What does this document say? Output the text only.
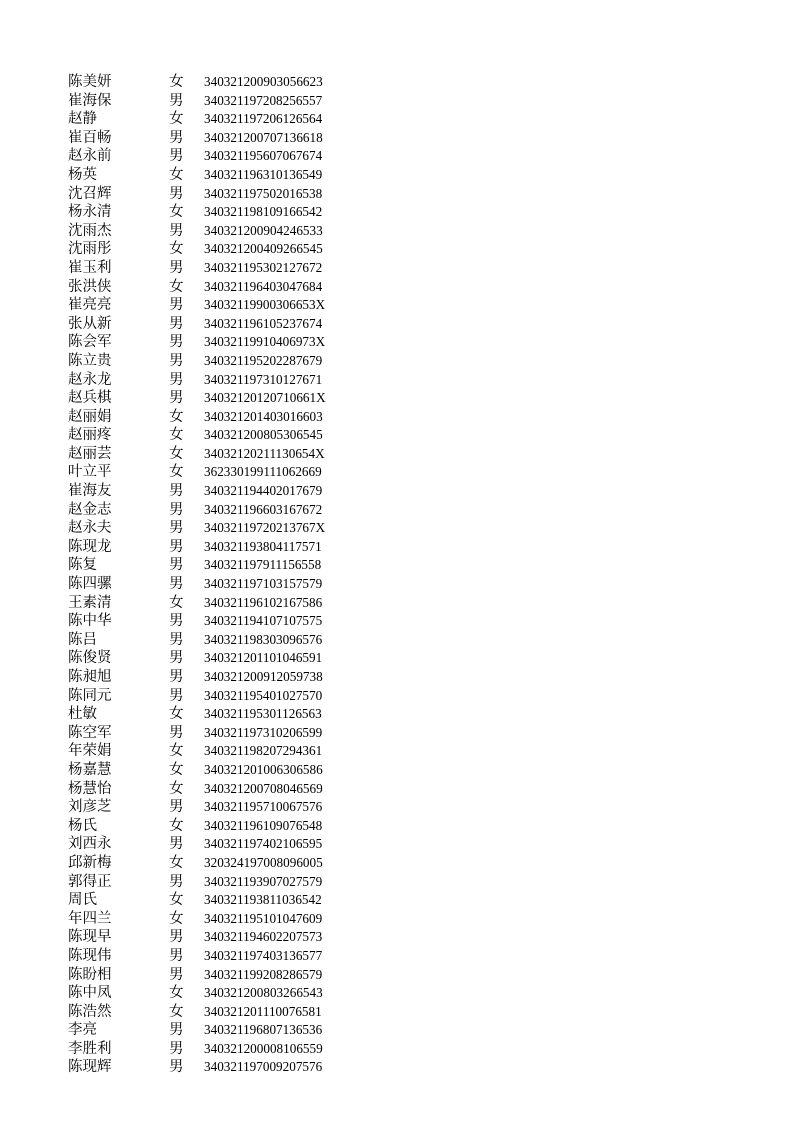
陈美妍	女 340321200903056623
崔海保	男 340321197208256557
赵静	女 340321197206126564
崔百畅	男 340321200707136618
赵永前	男 340321195607067674
杨英	女 340321196310136549
沈召辉	男 340321197502016538
杨永清	女 340321198109166542
沈雨杰	男 340321200904246533
沈雨彤	女 340321200409266545
崔玉利	男 340321195302127672
张洪侠	女 340321196403047684
崔亮亮	男 34032119900306653X
张从新	男 340321196105237674
陈会军	男 34032119910406973X
陈立贵	男 340321195202287679
赵永龙	男 340321197310127671
赵兵棋	男 34032120120710661X
赵丽娟	女 340321201403016603
赵丽疼	女 340321200805306545
赵丽芸	女 34032120211130654X
叶立平	女 362330199111062669
崔海友	男 340321194402017679
赵金志	男 340321196603167672
赵永夫	男 34032119720213767X
陈现龙	男 340321193804117571
陈复	男 340321197911156558
陈四骡	男 340321197103157579
王素清	女 340321196102167586
陈中华	男 340321194107107575
陈吕	男 340321198303096576
陈俊贤	男 340321201101046591
陈昶旭	男 340321200912059738
陈同元	男 340321195401027570
杜敏	女 340321195301126563
陈空军	男 340321197310206599
年荣娟	女 340321198207294361
杨嘉慧	女 340321201006306586
杨慧怡	女 340321200708046569
刘彦芝	男 340321195710067576
杨氏	女 340321196109076548
刘西永	男 340321197402106595
邱新梅	女 320324197008096005
郭得正	男 340321193907027579
周氏	女 340321193811036542
年四兰	女 340321195101047609
陈现早	男 340321194602207573
陈现伟	男 340321197403136577
陈盼相	男 340321199208286579
陈中凤	女 340321200803266543
陈浩然	女 340321201110076581
李亮	男 340321196807136536
李胜利	男 340321200008106559
陈现辉	男 340321197009207576
